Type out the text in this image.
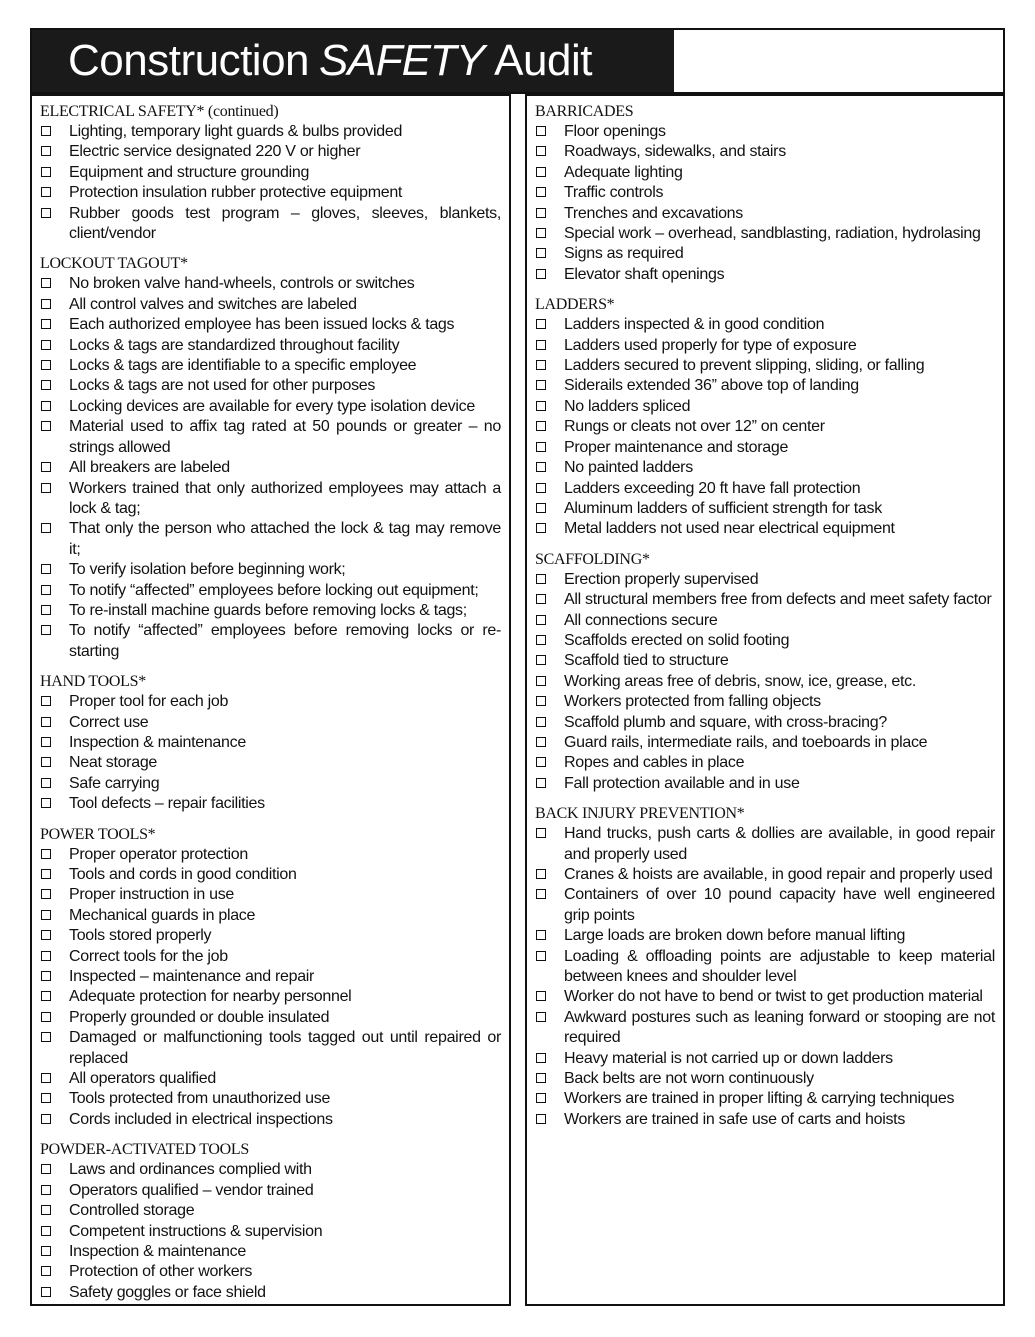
Construction SAFETY Audit
ELECTRICAL SAFETY* (continued)
Lighting, temporary light guards & bulbs provided
Electric service designated 220 V or higher
Equipment and structure grounding
Protection insulation rubber protective equipment
Rubber goods test program – gloves, sleeves, blankets, client/vendor
LOCKOUT TAGOUT*
No broken valve hand-wheels, controls or switches
All control valves and switches are labeled
Each authorized employee has been issued locks & tags
Locks & tags are standardized throughout facility
Locks & tags are identifiable to a specific employee
Locks & tags are not used for other purposes
Locking devices are available for every type isolation device
Material used to affix tag rated at 50 pounds or greater – no strings allowed
All breakers are labeled
Workers trained that only authorized employees may attach a lock & tag;
That only the person who attached the lock & tag may remove it;
To verify isolation before beginning work;
To notify “affected” employees before locking out equipment;
To re-install machine guards before removing locks & tags;
To notify “affected” employees before removing locks or re-starting
HAND TOOLS*
Proper tool for each job
Correct use
Inspection & maintenance
Neat storage
Safe carrying
Tool defects – repair facilities
POWER TOOLS*
Proper operator protection
Tools and cords in good condition
Proper instruction in use
Mechanical guards in place
Tools stored properly
Correct tools for the job
Inspected – maintenance and repair
Adequate protection for nearby personnel
Properly grounded or double insulated
Damaged or malfunctioning tools tagged out until repaired or replaced
All operators qualified
Tools protected from unauthorized use
Cords included in electrical inspections
POWDER-ACTIVATED TOOLS
Laws and ordinances complied with
Operators qualified – vendor trained
Controlled storage
Competent instructions & supervision
Inspection & maintenance
Protection of other workers
Safety goggles or face shield
BARRICADES
Floor openings
Roadways, sidewalks, and stairs
Adequate lighting
Traffic controls
Trenches and excavations
Special work – overhead, sandblasting, radiation, hydrolasing
Signs as required
Elevator shaft openings
LADDERS*
Ladders inspected & in good condition
Ladders used properly for type of exposure
Ladders secured to prevent slipping, sliding, or falling
Siderails extended 36” above top of landing
No ladders spliced
Rungs or cleats not over 12” on center
Proper maintenance and storage
No painted ladders
Ladders exceeding 20 ft have fall protection
Aluminum ladders of sufficient strength for task
Metal ladders not used near electrical equipment
SCAFFOLDING*
Erection properly supervised
All structural members free from defects and meet safety factor
All connections secure
Scaffolds erected on solid footing
Scaffold tied to structure
Working areas free of debris, snow, ice, grease, etc.
Workers protected from falling objects
Scaffold plumb and square, with cross-bracing?
Guard rails, intermediate rails, and toeboards in place
Ropes and cables in place
Fall protection available and in use
BACK INJURY PREVENTION*
Hand trucks, push carts & dollies are available, in good repair and properly used
Cranes & hoists are available, in good repair and properly used
Containers of over 10 pound capacity have well engineered grip points
Large loads are broken down before manual lifting
Loading & offloading points are adjustable to keep material between knees and shoulder level
Worker do not have to bend or twist to get production material
Awkward postures such as leaning forward or stooping are not required
Heavy material is not carried up or down ladders
Back belts are not worn continuously
Workers are trained in proper lifting & carrying techniques
Workers are trained in safe use of carts and hoists
